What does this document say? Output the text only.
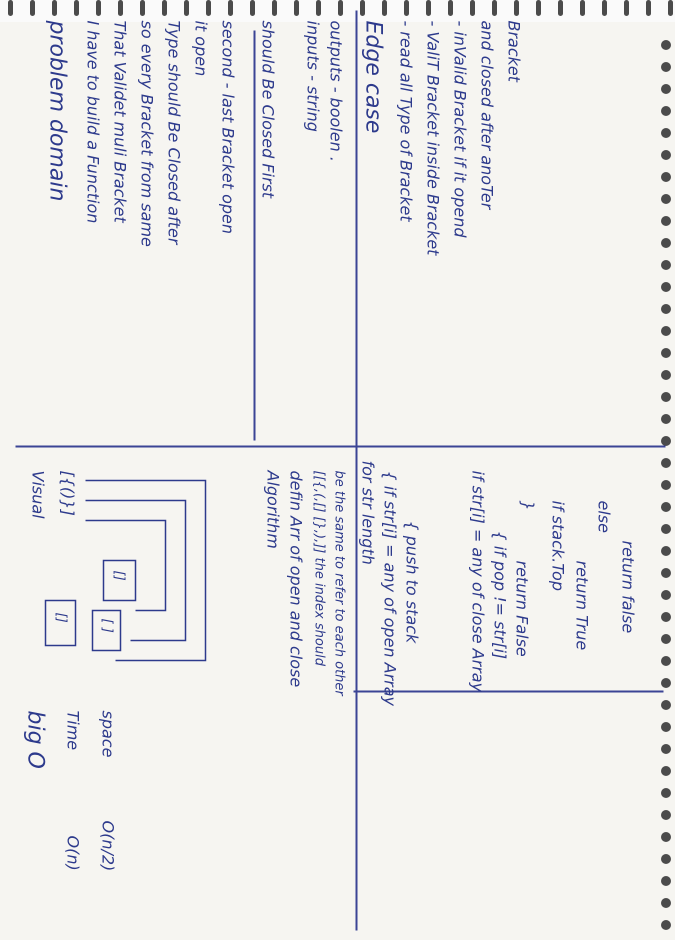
problem domain I have to build a Function That Validet muli Bracket so every Bracket from same Type should Be Closed after it open second - last Bracket open should Be Closed First inputs - string outputs - boolen . Edge case - read all Type of Bracket - ValiT Bracket inside Bracket - inValid Bracket if it opend and closed after anoTer Bracket
Visual [{()}]
[]
[ ]
[]
Algorithm defin Arr of open and close [[{,(,[] [},),]] the index should be the same to refer to each other for str length { if str[i] = any of open Array { push to stack	if str[i] = any of close Array { if pop != str[i] return False
} if stack.Top
return True
else
return false
big O Time
O(n)
space
O(n/2)
